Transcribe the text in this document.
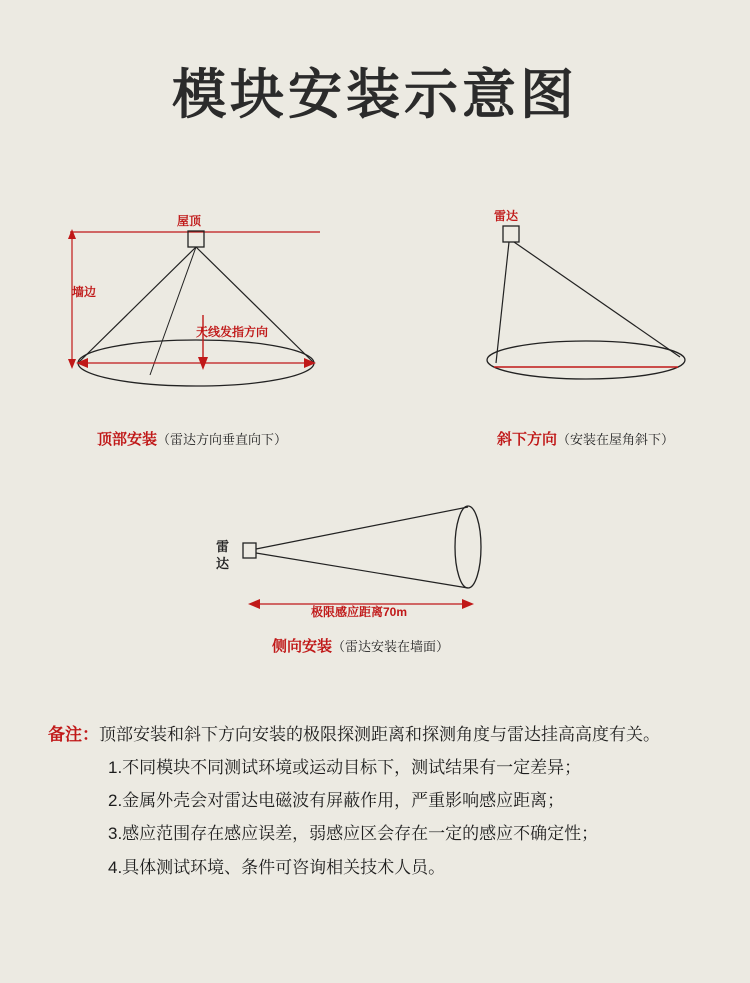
模块安装示意图
屋顶
墙边
天线发指方向
雷达
雷
达
极限感应距离70m
顶部安装（雷达方向垂直向下）	斜下方向（安装在屋角斜下）
侧向安装（雷达安装在墙面）
备注： 顶部安装和斜下方向安装的极限探测距离和探测角度与雷达挂高高度有关。
1.不同模块不同测试环境或运动目标下，测试结果有一定差异；
2.金属外壳会对雷达电磁波有屏蔽作用，严重影响感应距离；
3.感应范围存在感应误差，弱感应区会存在一定的感应不确定性；
4.具体测试环境、条件可咨询相关技术人员。
